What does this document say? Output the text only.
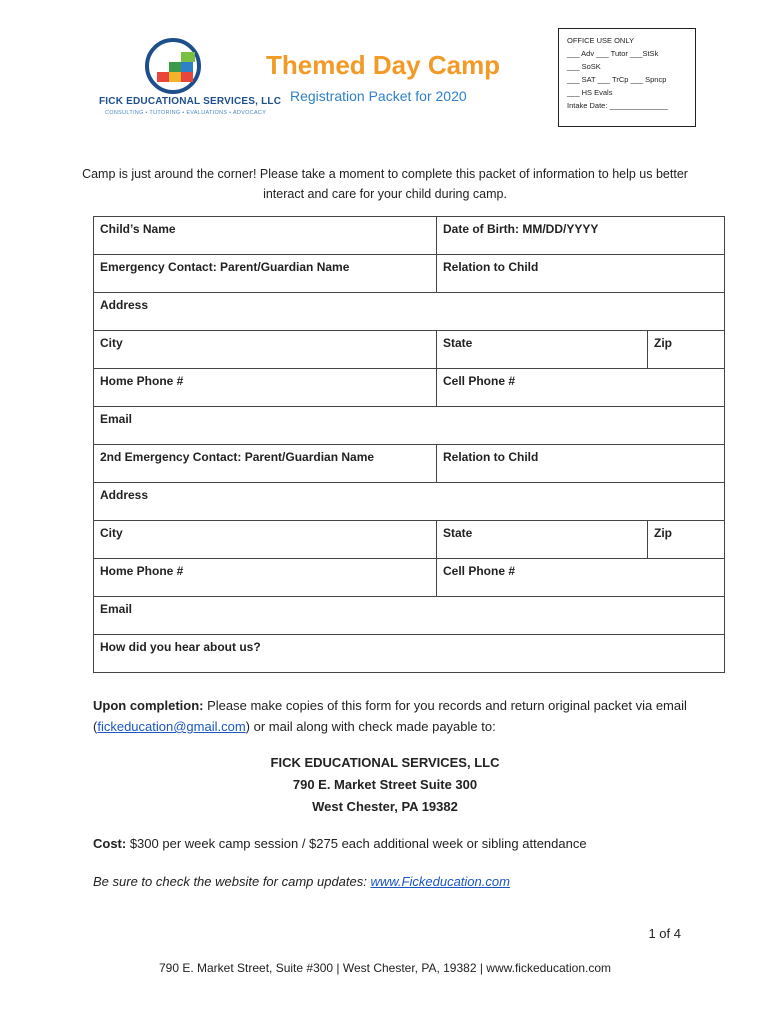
FICK EDUCATIONAL SERVICES, LLC
CONSULTING • TUTORING • EVALUATIONS • ADVOCACY
Themed Day Camp
Registration Packet for 2020
OFFICE USE ONLY
___ Adv ___ Tutor ___StSk
___ SoSK
___ SAT ___ TrCp ___ Spncp
___ HS Evals
Intake Date: ______________
Camp is just around the corner! Please take a moment to complete this packet of information to help us better interact and care for your child during camp.
Child’s Name	Date of Birth: MM/DD/YYYY
Emergency Contact: Parent/Guardian Name	Relation to Child
Address
City	State	Zip
Home Phone #	Cell Phone #
Email
2nd Emergency Contact: Parent/Guardian Name	Relation to Child
Address
City	State	Zip
Home Phone #	Cell Phone #
Email
How did you hear about us?
Upon completion: Please make copies of this form for you records and return original packet via email (fickeducation@gmail.com) or mail along with check made payable to:
FICK EDUCATIONAL SERVICES, LLC
790 E. Market Street Suite 300
West Chester, PA 19382
Cost: $300 per week camp session / $275 each additional week or sibling attendance
Be sure to check the website for camp updates: www.Fickeducation.com
1 of 4
790 E. Market Street, Suite #300 | West Chester, PA, 19382 | www.fickeducation.com
